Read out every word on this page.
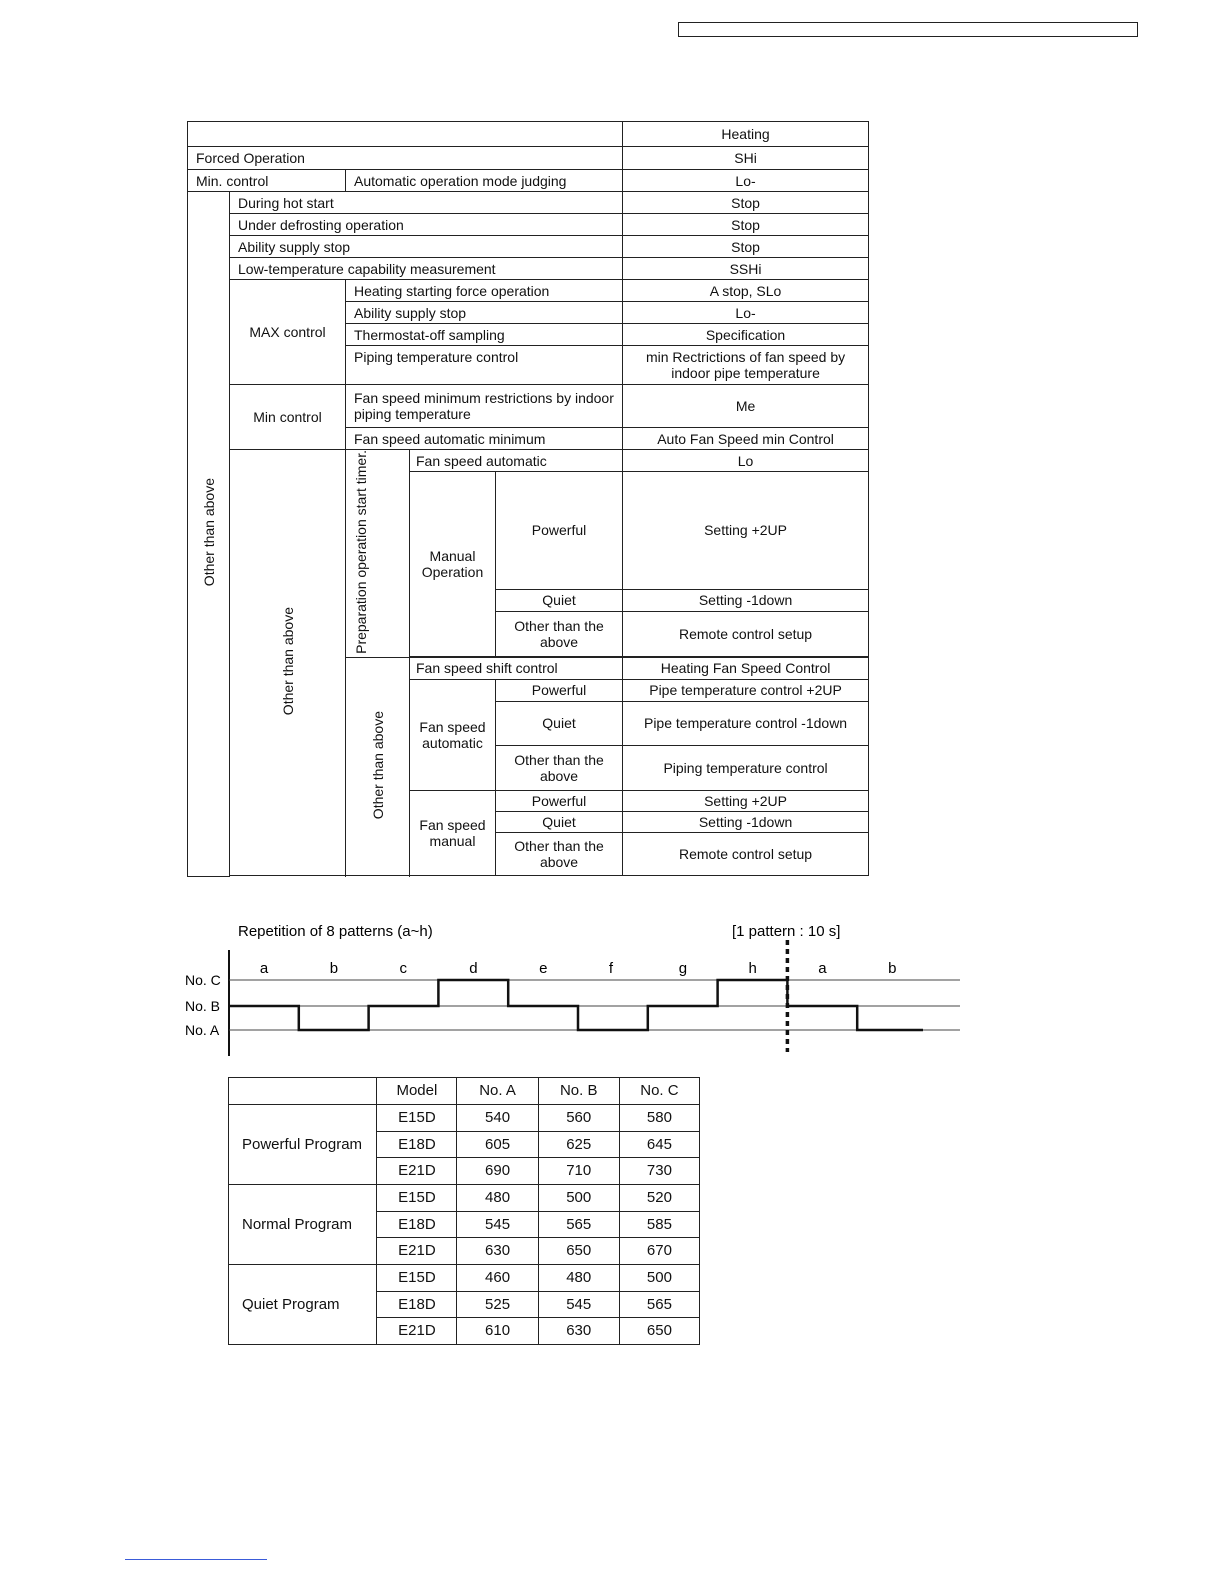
					Heating
Forced Operation					SHi
Min. control		Automatic operation mode judging			Lo-
Other than above	During hot start				Stop
	Under defrosting operation				Stop
	Ability supply stop				Stop
	Low-temperature capability measurement				SSHi
	MAX control	Heating starting force operation			A stop, SLo
		Ability supply stop			Lo-
		Thermostat-off sampling			Specification
		Piping temperature control			min Rectrictions of fan speed by indoor pipe temperature
	Min control	Fan speed minimum restrictions by indoor piping temperature			Me
		Fan speed automatic minimum			Auto Fan Speed min Control
	Other than above	Preparation operation start timer.	Fan speed automatic		Lo
			Manual Operation	Powerful	Setting +2UP
				Quiet	Setting -1down
				Other than the above	Remote control setup

		Other than above	Fan speed shift control		Heating Fan Speed Control
			Fan speed automatic	Powerful	Pipe temperature control +2UP
				Quiet	Pipe temperature control -1down
				Other than the above	Piping temperature control
			Fan speed manual	Powerful	Setting +2UP
				Quiet	Setting -1down
				Other than the above	Remote control setup

Repetition of 8 patterns (a~h)	[1 pattern : 10 s]
No. A
No. B
No. C
a	b	c	d	e	f	g	h	a	b
	Model	No. A	No. B	No. C
Powerful Program	E15D	540	560	580
	E18D	605	625	645
	E21D	690	710	730
Normal Program	E15D	480	500	520
	E18D	545	565	585
	E21D	630	650	670
Quiet Program	E15D	460	480	500
	E18D	525	545	565
	E21D	610	630	650
